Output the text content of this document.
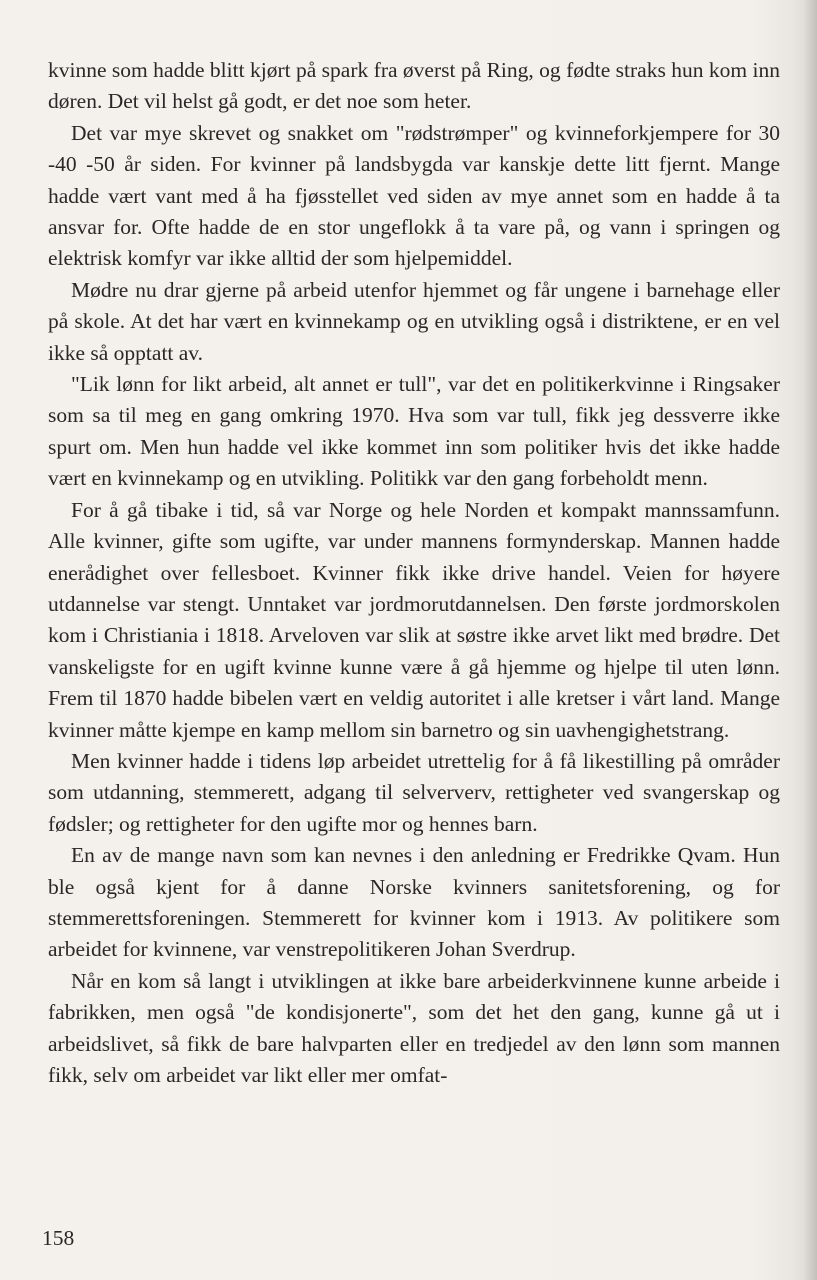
kvinne som hadde blitt kjørt på spark fra øverst på Ring, og fødte straks hun kom inn døren. Det vil helst gå godt, er det noe som heter.

Det var mye skrevet og snakket om "rødstrømper" og kvinneforkjempere for 30 -40 -50 år siden. For kvinner på landsbygda var kanskje dette litt fjernt. Mange hadde vært vant med å ha fjøsstellet ved siden av mye annet som en hadde å ta ansvar for. Ofte hadde de en stor ungeflokk å ta vare på, og vann i springen og elektrisk komfyr var ikke alltid der som hjelpemiddel.

Mødre nu drar gjerne på arbeid utenfor hjemmet og får ungene i barnehage eller på skole. At det har vært en kvinnekamp og en utvikling også i distriktene, er en vel ikke så opptatt av.

"Lik lønn for likt arbeid, alt annet er tull", var det en politikerkvinne i Ringsaker som sa til meg en gang omkring 1970. Hva som var tull, fikk jeg dessverre ikke spurt om. Men hun hadde vel ikke kommet inn som politiker hvis det ikke hadde vært en kvinnekamp og en utvikling. Politikk var den gang forbeholdt menn.

For å gå tibake i tid, så var Norge og hele Norden et kompakt mannssamfunn. Alle kvinner, gifte som ugifte, var under mannens formynderskap. Mannen hadde enerådighet over fellesboet. Kvinner fikk ikke drive handel. Veien for høyere utdannelse var stengt. Unntaket var jordmorutdannelsen. Den første jordmorskolen kom i Christiania i 1818. Arveloven var slik at søstre ikke arvet likt med brødre. Det vanskeligste for en ugift kvinne kunne være å gå hjemme og hjelpe til uten lønn. Frem til 1870 hadde bibelen vært en veldig autoritet i alle kretser i vårt land. Mange kvinner måtte kjempe en kamp mellom sin barnetro og sin uavhengighetstrang.

Men kvinner hadde i tidens løp arbeidet utrettelig for å få likestilling på områder som utdanning, stemmerett, adgang til selververv, rettigheter ved svangerskap og fødsler; og rettigheter for den ugifte mor og hennes barn.

En av de mange navn som kan nevnes i den anledning er Fredrikke Qvam. Hun ble også kjent for å danne Norske kvinners sanitetsforening, og for stemmerettsforeningen. Stemmerett for kvinner kom i 1913. Av politikere som arbeidet for kvinnene, var venstrepolitikeren Johan Sverdrup.

Når en kom så langt i utviklingen at ikke bare arbeiderkvinnene kunne arbeide i fabrikken, men også "de kondisjonerte", som det het den gang, kunne gå ut i arbeidslivet, så fikk de bare halvparten eller en tredjedel av den lønn som mannen fikk, selv om arbeidet var likt eller mer omfat-

158
